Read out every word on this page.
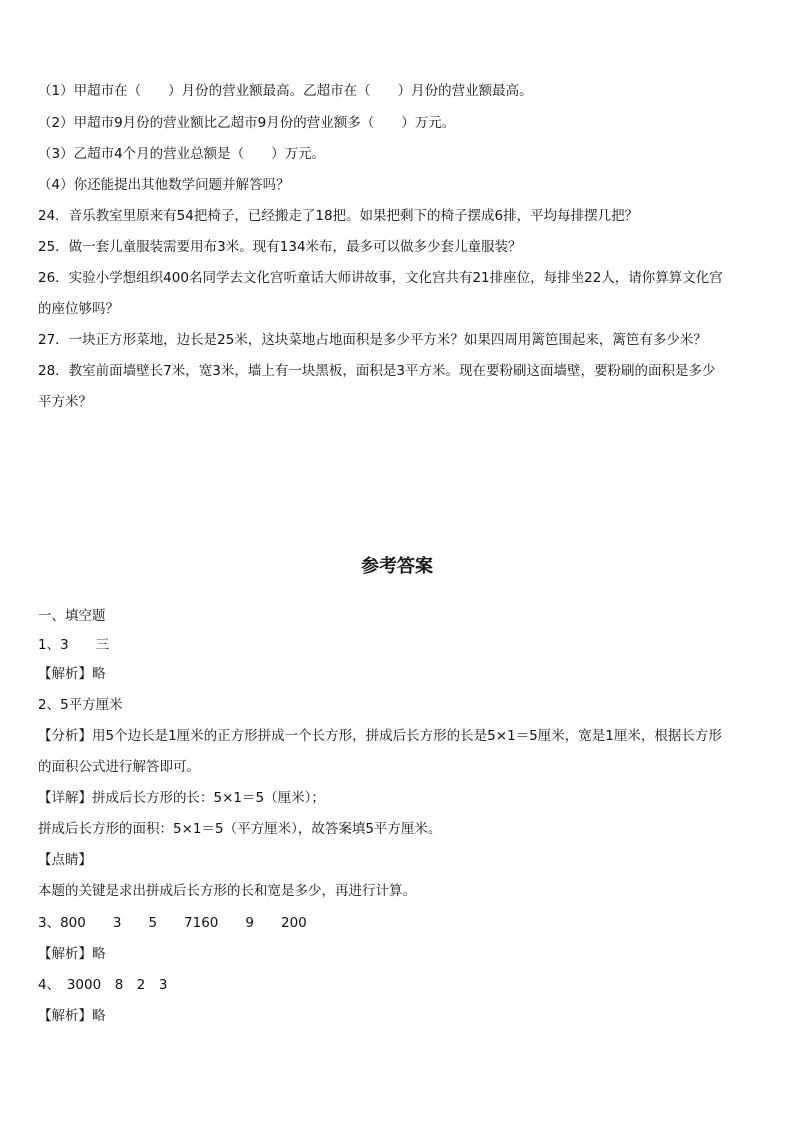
（1）甲超市在（　　）月份的营业额最高。乙超市在（　　）月份的营业额最高。

（2）甲超市9月份的营业额比乙超市9月份的营业额多（　　）万元。

（3）乙超市4个月的营业总额是（　　）万元。

（4）你还能提出其他数学问题并解答吗？

24．音乐教室里原来有54把椅子，已经搬走了18把。如果把剩下的椅子摆成6排，平均每排摆几把？

25．做一套儿童服装需要用布3米。现有134米布，最多可以做多少套儿童服装？

26．实验小学想组织400名同学去文化宫听童话大师讲故事，文化宫共有21排座位，每排坐22人，请你算算文化宫

的座位够吗？

27．一块正方形菜地，边长是25米，这块菜地占地面积是多少平方米？如果四周用篱笆围起来，篱笆有多少米？

28．教室前面墙壁长7米，宽3米，墙上有一块黑板，面积是3平方米。现在要粉刷这面墙壁，要粉刷的面积是多少

平方米？

参考答案

一、填空题

1、3　　三

【解析】略

2、5平方厘米

【分析】用5个边长是1厘米的正方形拼成一个长方形，拼成后长方形的长是5×1＝5厘米，宽是1厘米，根据长方形

的面积公式进行解答即可。

【详解】拼成后长方形的长：5×1＝5（厘米）；

拼成后长方形的面积：5×1＝5（平方厘米），故答案填5平方厘米。

【点睛】

本题的关键是求出拼成后长方形的长和宽是多少，再进行计算。

3、800　　3　　5　　7160　　9　　200

【解析】略

4、　3000　8　2　3

【解析】略
